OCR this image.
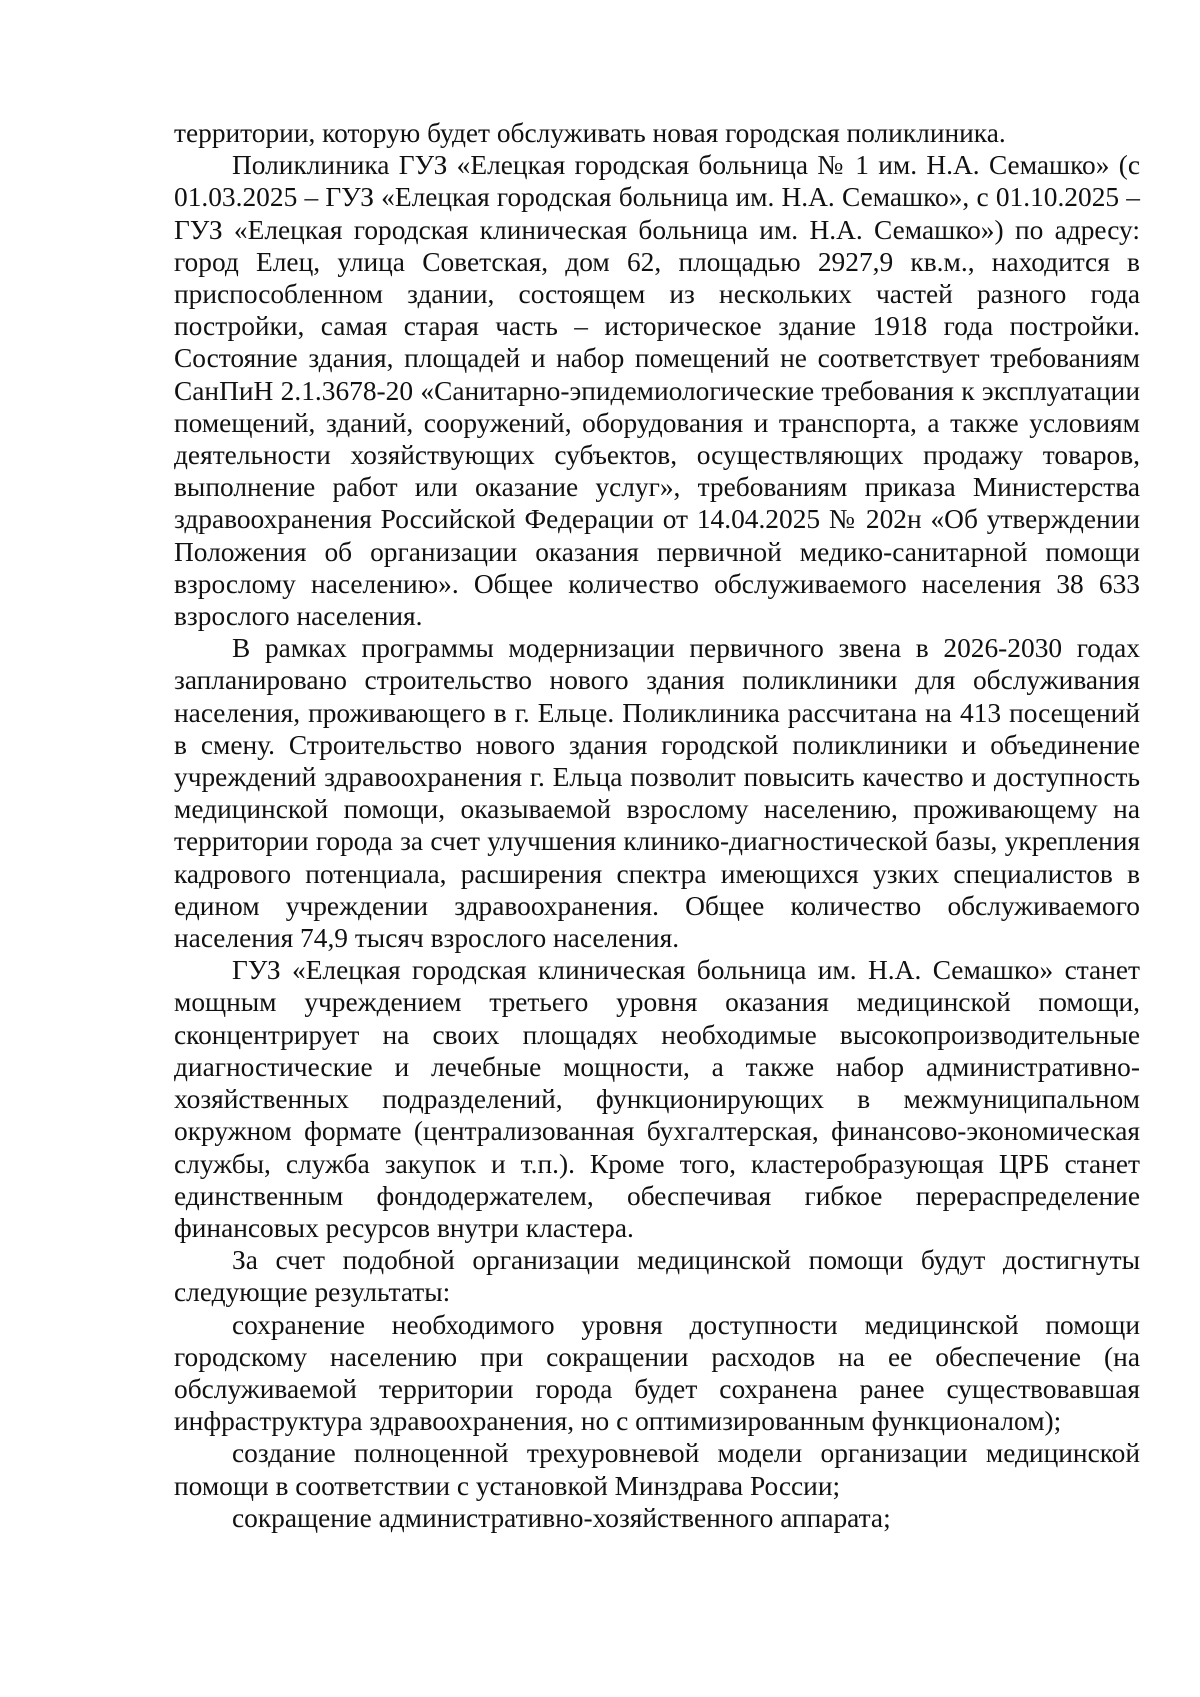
территории, которую будет обслуживать новая городская поликлиника.

Поликлиника ГУЗ «Елецкая городская больница № 1 им. Н.А. Семашко» (с 01.03.2025 – ГУЗ «Елецкая городская больница им. Н.А. Семашко», с 01.10.2025 – ГУЗ «Елецкая городская клиническая больница им. Н.А. Семашко») по адресу: город Елец, улица Советская, дом 62, площадью 2927,9 кв.м., находится в приспособленном здании, состоящем из нескольких частей разного года постройки, самая старая часть – историческое здание 1918 года постройки. Состояние здания, площадей и набор помещений не соответствует требованиям СанПиН 2.1.3678-20 «Санитарно-эпидемиологические требования к эксплуатации помещений, зданий, сооружений, оборудования и транспорта, а также условиям деятельности хозяйствующих субъектов, осуществляющих продажу товаров, выполнение работ или оказание услуг», требованиям приказа Министерства здравоохранения Российской Федерации от 14.04.2025 № 202н «Об утверждении Положения об организации оказания первичной медико-санитарной помощи взрослому населению». Общее количество обслуживаемого населения 38 633 взрослого населения.

В рамках программы модернизации первичного звена в 2026-2030 годах запланировано строительство нового здания поликлиники для обслуживания населения, проживающего в г. Ельце. Поликлиника рассчитана на 413 посещений в смену. Строительство нового здания городской поликлиники и объединение учреждений здравоохранения г. Ельца позволит повысить качество и доступность медицинской помощи, оказываемой взрослому населению, проживающему на территории города за счет улучшения клинико-диагностической базы, укрепления кадрового потенциала, расширения спектра имеющихся узких специалистов в едином учреждении здравоохранения. Общее количество обслуживаемого населения 74,9 тысяч взрослого населения.

ГУЗ «Елецкая городская клиническая больница им. Н.А. Семашко» станет мощным учреждением третьего уровня оказания медицинской помощи, сконцентрирует на своих площадях необходимые высокопроизводительные диагностические и лечебные мощности, а также набор административно-хозяйственных подразделений, функционирующих в межмуниципальном окружном формате (централизованная бухгалтерская, финансово-экономическая службы, служба закупок и т.п.). Кроме того, кластеробразующая ЦРБ станет единственным фондодержателем, обеспечивая гибкое перераспределение финансовых ресурсов внутри кластера.

За счет подобной организации медицинской помощи будут достигнуты следующие результаты:

сохранение необходимого уровня доступности медицинской помощи городскому населению при сокращении расходов на ее обеспечение (на обслуживаемой территории города будет сохранена ранее существовавшая инфраструктура здравоохранения, но с оптимизированным функционалом);

создание полноценной трехуровневой модели организации медицинской помощи в соответствии с установкой Минздрава России;

сокращение административно-хозяйственного аппарата;
